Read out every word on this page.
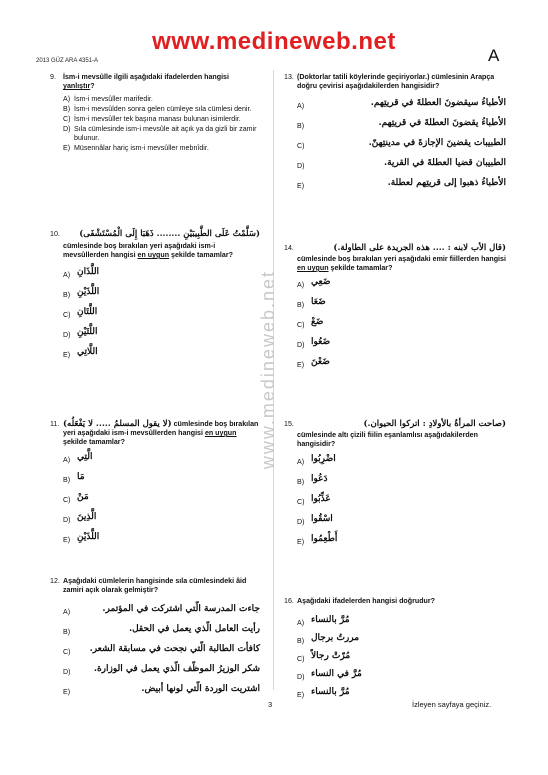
2013 GÜZ ARA 4351-A
www.medineweb.net
A
www.medineweb.net
9. İsm-i mevsûlle ilgili aşağıdaki ifadelerden hangisi yanlıştır?
A) İsm-i mevsûller marifedir.
B) İsm-i mevsûlden sonra gelen cümleye sıla cümlesi denir.
C) İsm-i mevsûller tek başına manası bulunan isimlerdir.
D) Sıla cümlesinde ism-i mevsûle ait açık ya da gizli bir zamir bulunur.
E) Müsennâlar hariç ism-i mevsûller mebnîdir.
10.	(سَلَّمْتُ عَلَى الطَّبِيبَيْنِ ........ ذَهَبَا إِلَى الْمُسْتَشْفَى)
cümlesinde boş bırakılan yeri aşağıdaki ism-i mevsûllerden hangisi en uygun şekilde tamamlar?
A) اللَّذَانِ
B) اللَّذَيْنِ
C) اللَّتَانِ
D) اللَّتَيْنِ
E) اللَّاتِي
11. (لا يقول المسلمُ ..... لا يَفْعَلُه) cümlesinde boş bırakılan yeri aşağıdaki ism-i mevsûllerden hangisi en uygun şekilde tamamlar?
A) الَّتِي
B) مَا
C) مَنْ
D) الَّذِينَ
E) اللَّذَيْنِ
12. Aşağıdaki cümlelerin hangisinde sıla cümlesindeki âid zamiri açık olarak gelmiştir?
A)	جاءت المدرسة الّتي اشتركت في المؤتمر.
B)	رأيت العامل الّذي يعمل في الحقل.
C) كافأت الطالبة الّتي نجحت في مسابقة الشعر.
D)	شكر الوزيرُ الموظّف الّذي يعمل في الوزارة.
E)	اشتريت الوردة الّتي لونها أبيض.
13. (Doktorlar tatili köylerinde geçiriyorlar.) cümlesinin Arapça doğru çevirisi aşağıdakilerden hangisidir?
A)	الأطباءُ سيقضونَ العطلةَ في قريتِهم.
B)	الأطباءُ يقضونَ العطلةَ في قريتِهم.
C)	الطبيبات يقضينَ الإجازةَ في مدينتِهنّ.
D)	الطبيبان قضيا العطلةَ في القرية.
E)	الأطباءُ ذهبوا إلى قريتِهم لعطلة.
14.	(قال الأب لابنه : .... هذه الجريدة على الطاولة.)
cümlesinde boş bırakılan yeri aşağıdaki emir fiillerden hangisi en uygun şekilde tamamlar?
A) ضَعِي
B) ضَعَا
C) ضَعْ
D) ضَعُوا
E) ضَعْنَ
15.	(صاحت المرأةُ بالأولادِ : اتركوا الحيوان.)
cümlesinde altı çizili fiilin eşanlamlısı aşağıdakilerden hangisidir?
A) اضْرِبُوا
B) دَعُوا
C) عَذِّبُوا
D) اسْقُوا
E) أَطْعِمُوا
16. Aşağıdaki ifadelerden hangisi doğrudur?
A) مُرَّ بالنساء
B) مررتُ برجال
C) مُرّتْ رجالاً
D) مُرَّ في النساء
E) مُرَّ بالنساء
3	İzleyen sayfaya geçiniz.
